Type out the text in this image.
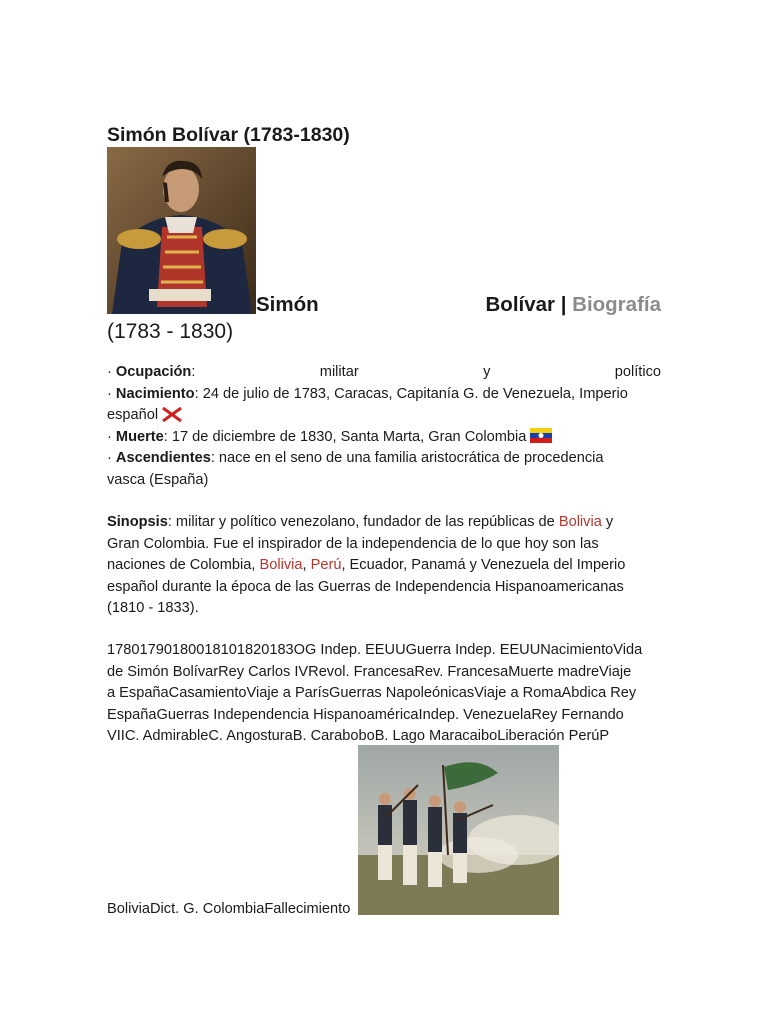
Simón Bolívar (1783-1830)
Simón	Bolívar | Biografía
(1783 - 1830)
· Ocupación:	militar	y	político
· Nacimiento: 24 de julio de 1783, Caracas, Capitanía G. de Venezuela, Imperio
español
· Muerte: 17 de diciembre de 1830, Santa Marta, Gran Colombia
· Ascendientes: nace en el seno de una familia aristocrática de procedencia
vasca (España)
Sinopsis: militar y político venezolano, fundador de las repúblicas de Bolivia y
Gran Colombia. Fue el inspirador de la independencia de lo que hoy son las
naciones de Colombia, Bolivia, Perú, Ecuador, Panamá y Venezuela del Imperio
español durante la época de las Guerras de Independencia Hispanoamericanas
(1810 - 1833).
17801790180018101820183OG Indep. EEUUGuerra Indep. EEUUNacimientoVida
de Simón BolívarRey Carlos IVRevol. FrancesaRev. FrancesaMuerte madreViaje
a EspañaCasamientoViaje a ParísGuerras NapoleónicasViaje a RomaAbdica Rey
EspañaGuerras Independencia HispanoaméricaIndep. VenezuelaRey Fernando
VIIC. AdmirableC. AngosturaB. CaraboboB. Lago MaracaiboLiberación PerúP
BoliviaDict. G. ColombiaFallecimiento
